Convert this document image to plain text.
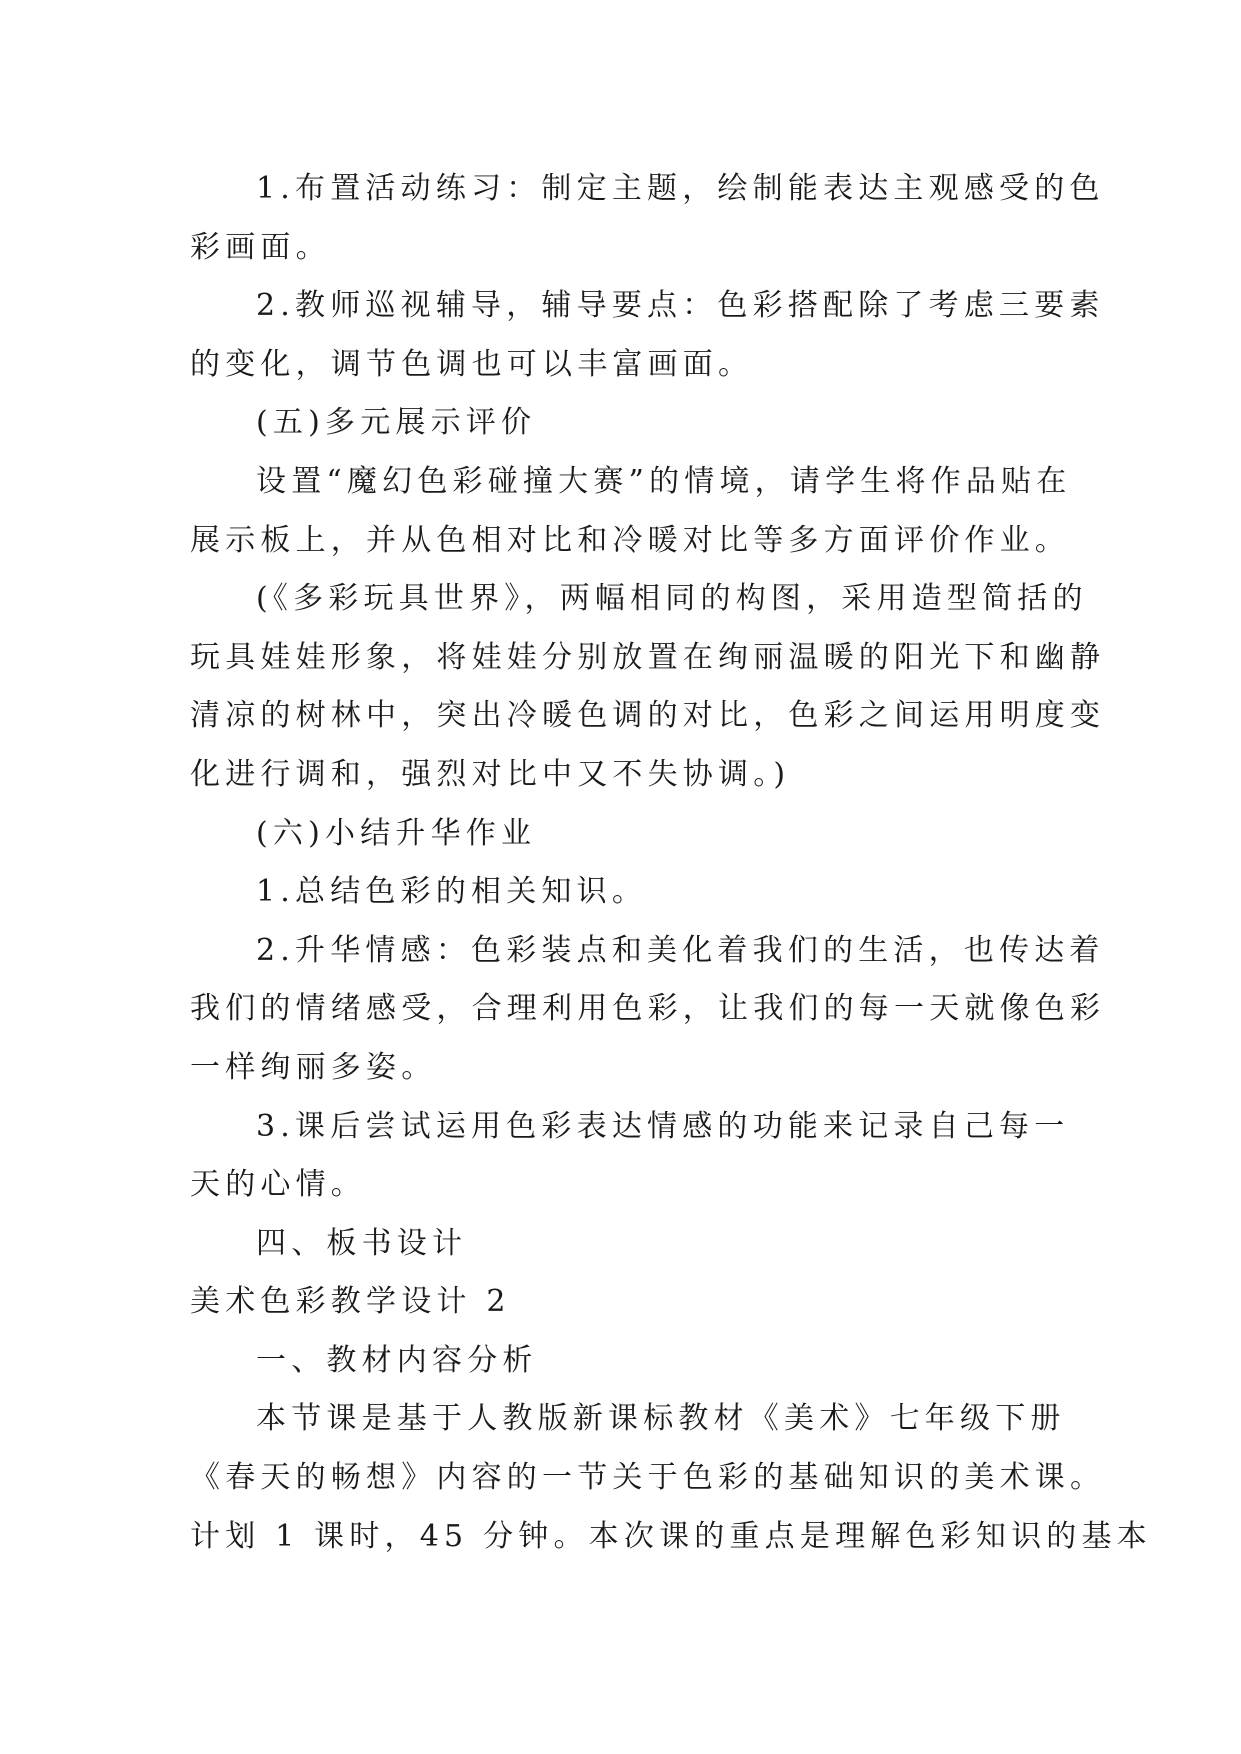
1.布置活动练习：制定主题，绘制能表达主观感受的色
彩画面。
2.教师巡视辅导，辅导要点：色彩搭配除了考虑三要素
的变化，调节色调也可以丰富画面。
(五)多元展示评价
设置“魔幻色彩碰撞大赛”的情境，请学生将作品贴在
展示板上，并从色相对比和冷暖对比等多方面评价作业。
(《多彩玩具世界》，两幅相同的构图，采用造型简括的
玩具娃娃形象，将娃娃分别放置在绚丽温暖的阳光下和幽静
清凉的树林中，突出冷暖色调的对比，色彩之间运用明度变
化进行调和，强烈对比中又不失协调。)
(六)小结升华作业
1.总结色彩的相关知识。
2.升华情感：色彩装点和美化着我们的生活，也传达着
我们的情绪感受，合理利用色彩，让我们的每一天就像色彩
一样绚丽多姿。
3.课后尝试运用色彩表达情感的功能来记录自己每一
天的心情。
四、板书设计
美术色彩教学设计 2
一、教材内容分析
本节课是基于人教版新课标教材《美术》七年级下册
《春天的畅想》内容的一节关于色彩的基础知识的美术课。
计划 1 课时，45 分钟。本次课的重点是理解色彩知识的基本
